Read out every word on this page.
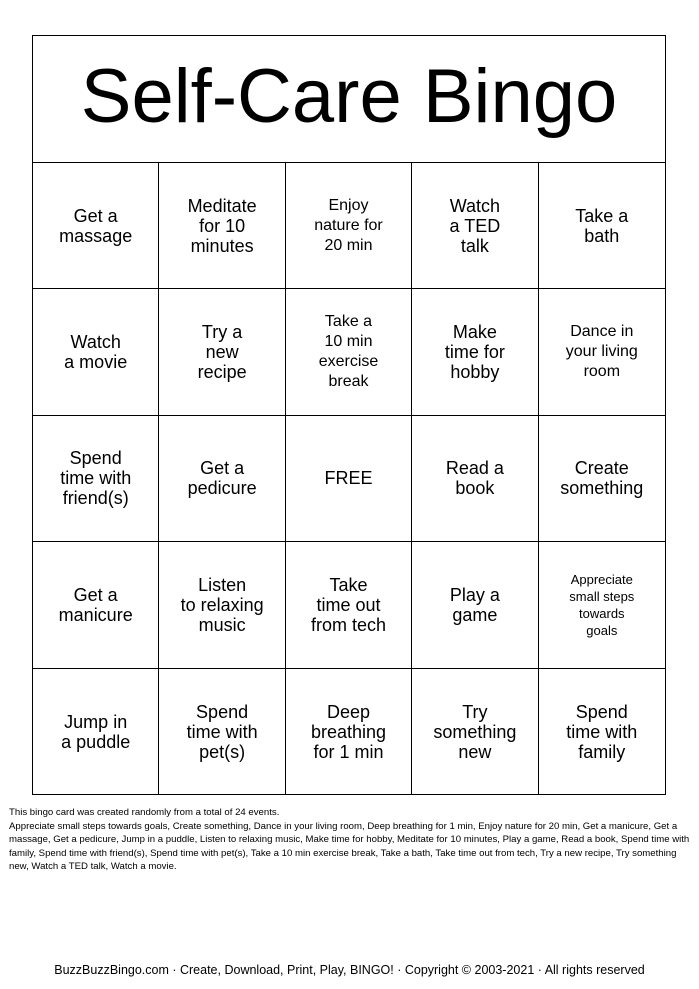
Self-Care Bingo
Get a
massage
Meditate
for 10
minutes
Enjoy
nature for
20 min
Watch
a TED
talk
Take a
bath
Watch
a movie
Try a
new
recipe
Take a
10 min
exercise
break
Make
time for
hobby
Dance in
your living
room
Spend
time with
friend(s)
Get a
pedicure	FREE	Read a
book
Create
something
Get a
manicure
Listen
to relaxing
music
Take
time out
from tech
Play a
game
Appreciate
small steps
towards
goals
Jump in
a puddle
Spend
time with
pet(s)
Deep
breathing
for 1 min
Try
something
new
Spend
time with
family
This bingo card was created randomly from a total of 24 events.
Appreciate small steps towards goals, Create something, Dance in your living room, Deep breathing for 1 min, Enjoy nature for 20 min, Get a manicure, Get a
massage, Get a pedicure, Jump in a puddle, Listen to relaxing music, Make time for hobby, Meditate for 10 minutes, Play a game, Read a book, Spend time with
family, Spend time with friend(s), Spend time with pet(s), Take a 10 min exercise break, Take a bath, Take time out from tech, Try a new recipe, Try something
new, Watch a TED talk, Watch a movie.
BuzzBuzzBingo.com · Create, Download, Print, Play, BINGO! · Copyright © 2003-2021 · All rights reserved
